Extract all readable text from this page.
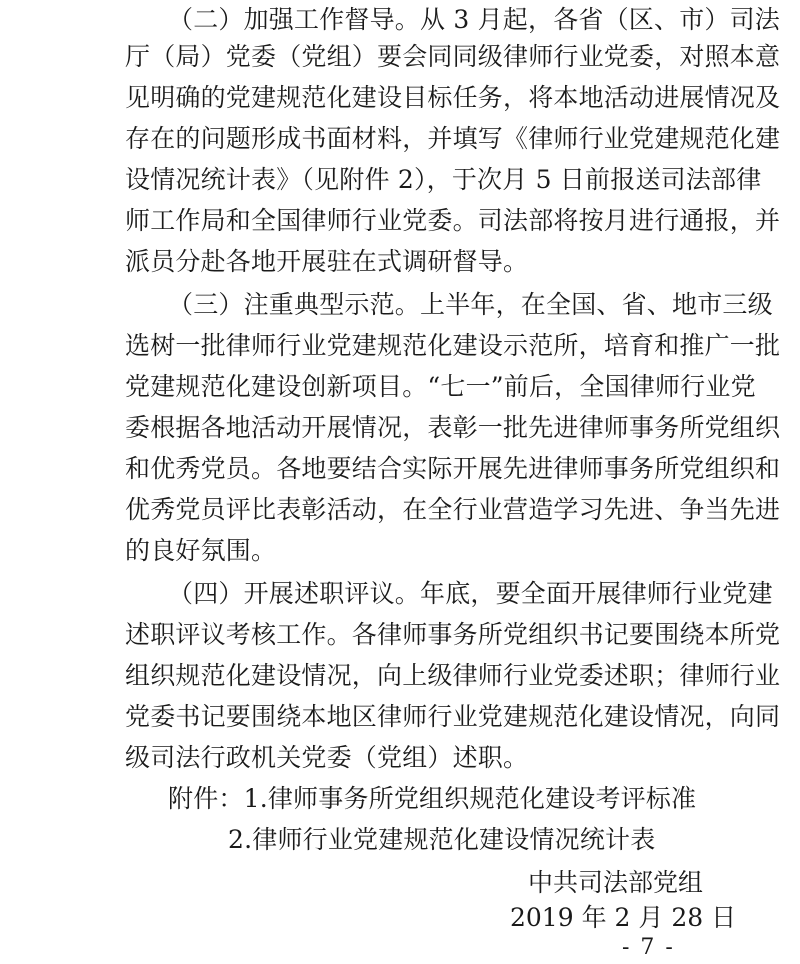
（二）加强工作督导。从 3 月起，各省（区、市）司法
厅（局）党委（党组）要会同同级律师行业党委，对照本意
见明确的党建规范化建设目标任务，将本地活动进展情况及
存在的问题形成书面材料，并填写《律师行业党建规范化建
设情况统计表》（见附件 2），于次月 5 日前报送司法部律
师工作局和全国律师行业党委。司法部将按月进行通报，并
派员分赴各地开展驻在式调研督导。
（三）注重典型示范。上半年，在全国、省、地市三级
选树一批律师行业党建规范化建设示范所，培育和推广一批
党建规范化建设创新项目。“七一”前后，全国律师行业党
委根据各地活动开展情况，表彰一批先进律师事务所党组织
和优秀党员。各地要结合实际开展先进律师事务所党组织和
优秀党员评比表彰活动，在全行业营造学习先进、争当先进
的良好氛围。
（四）开展述职评议。年底，要全面开展律师行业党建
述职评议考核工作。各律师事务所党组织书记要围绕本所党
组织规范化建设情况，向上级律师行业党委述职；律师行业
党委书记要围绕本地区律师行业党建规范化建设情况，向同
级司法行政机关党委（党组）述职。
附件：1.律师事务所党组织规范化建设考评标准
2.律师行业党建规范化建设情况统计表
中共司法部党组
- 7 -
2019 年 2 月 28 日
